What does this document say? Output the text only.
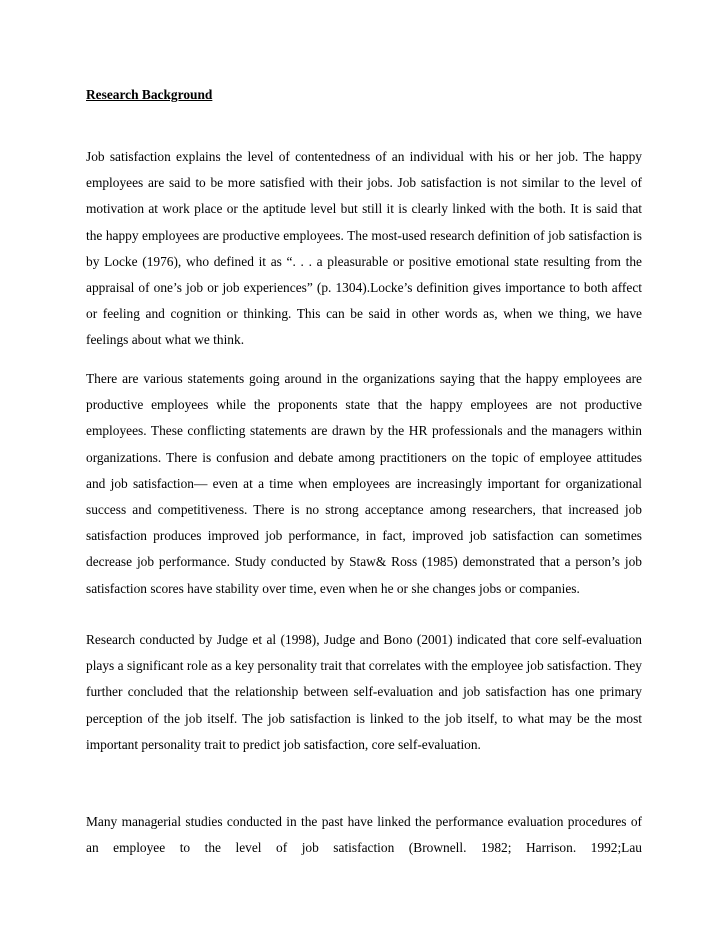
Research Background

Job satisfaction explains the level of contentedness of an individual with his or her job. The happy employees are said to be more satisfied with their jobs. Job satisfaction is not similar to the level of motivation at work place or the aptitude level but still it is clearly linked with the both. It is said that the happy employees are productive employees. The most-used research definition of job satisfaction is by Locke (1976), who defined it as “. . . a pleasurable or positive emotional state resulting from the appraisal of one’s job or job experiences” (p. 1304).Locke’s definition gives importance to both affect or feeling and cognition or thinking. This can be said in other words as, when we thing, we have feelings about what we think.

There are various statements going around in the organizations saying that the happy employees are productive employees while the proponents state that the happy employees are not productive employees. These conflicting statements are drawn by the HR professionals and the managers within organizations. There is confusion and debate among practitioners on the topic of employee attitudes and job satisfaction— even at a time when employees are increasingly important for organizational success and competitiveness. There is no strong acceptance among researchers, that increased job satisfaction produces improved job performance, in fact, improved job satisfaction can sometimes decrease job performance. Study conducted by Staw& Ross (1985) demonstrated that a person’s job satisfaction scores have stability over time, even when he or she changes jobs or companies.

Research conducted by Judge et al (1998), Judge and Bono (2001) indicated that core self-evaluation plays a significant role as a key personality trait that correlates with the employee job satisfaction. They further concluded that the relationship between self-evaluation and job satisfaction has one primary perception of the job itself. The job satisfaction is linked to the job itself, to what may be the most important personality trait to predict job satisfaction, core self-evaluation.

Many managerial studies conducted in the past have linked the performance evaluation procedures of an employee to the level of job satisfaction (Brownell. 1982; Harrison. 1992;Lau
